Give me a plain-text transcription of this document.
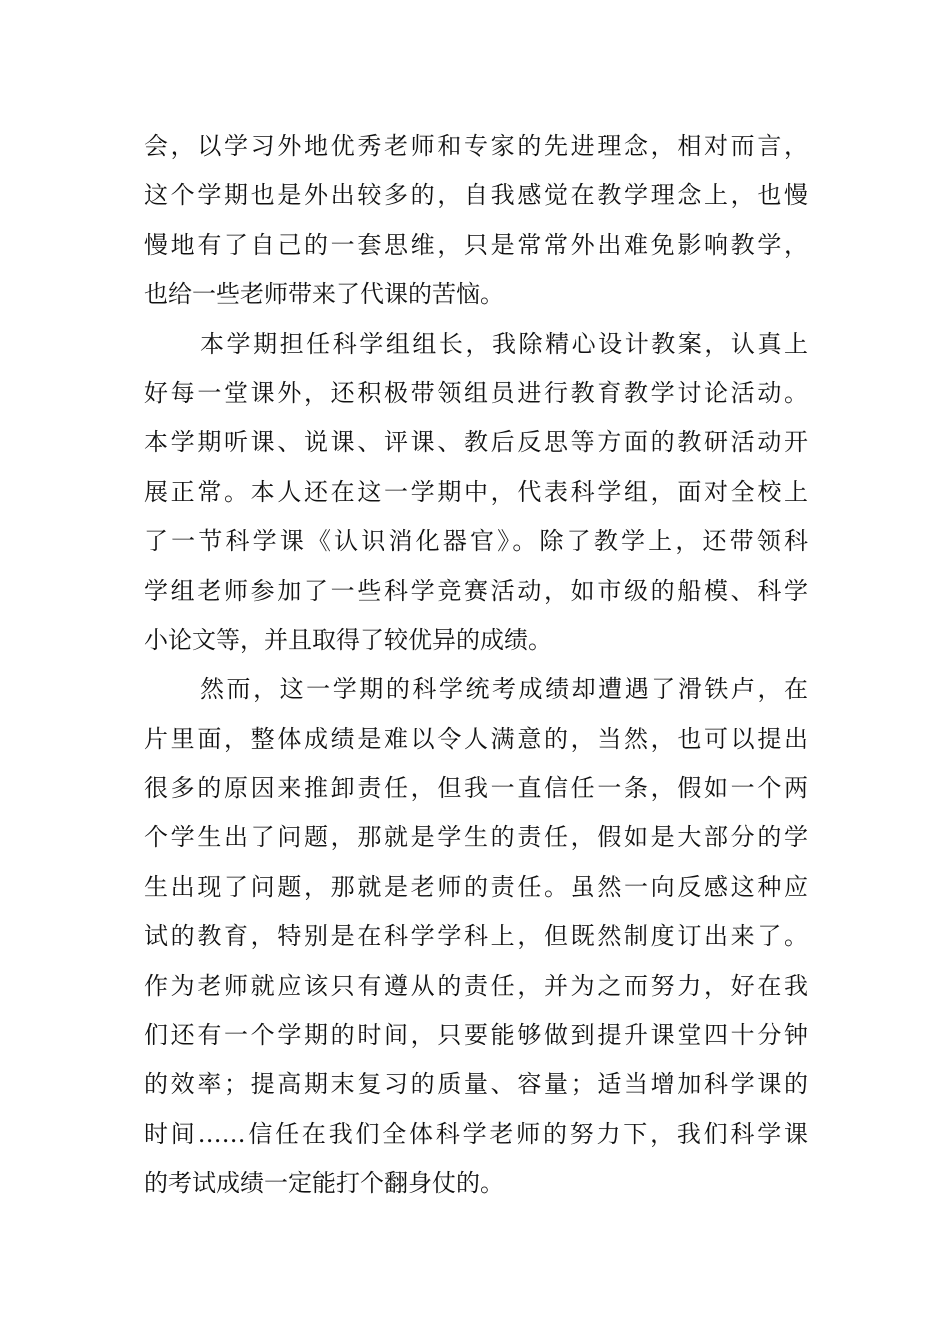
会，以学习外地优秀老师和专家的先进理念，相对而言，
这个学期也是外出较多的，自我感觉在教学理念上，也慢
慢地有了自己的一套思维，只是常常外出难免影响教学，
也给一些老师带来了代课的苦恼。
本学期担任科学组组长，我除精心设计教案，认真上
好每一堂课外，还积极带领组员进行教育教学讨论活动。
本学期听课、说课、评课、教后反思等方面的教研活动开
展正常。本人还在这一学期中，代表科学组，面对全校上
了一节科学课《认识消化器官》。除了教学上，还带领科
学组老师参加了一些科学竞赛活动，如市级的船模、科学
小论文等，并且取得了较优异的成绩。
然而，这一学期的科学统考成绩却遭遇了滑铁卢，在
片里面，整体成绩是难以令人满意的，当然，也可以提出
很多的原因来推卸责任，但我一直信任一条，假如一个两
个学生出了问题，那就是学生的责任，假如是大部分的学
生出现了问题，那就是老师的责任。虽然一向反感这种应
试的教育，特别是在科学学科上，但既然制度订出来了。
作为老师就应该只有遵从的责任，并为之而努力，好在我
们还有一个学期的时间，只要能够做到提升课堂四十分钟
的效率；提高期末复习的质量、容量；适当增加科学课的
时间……信任在我们全体科学老师的努力下，我们科学课
的考试成绩一定能打个翻身仗的。
